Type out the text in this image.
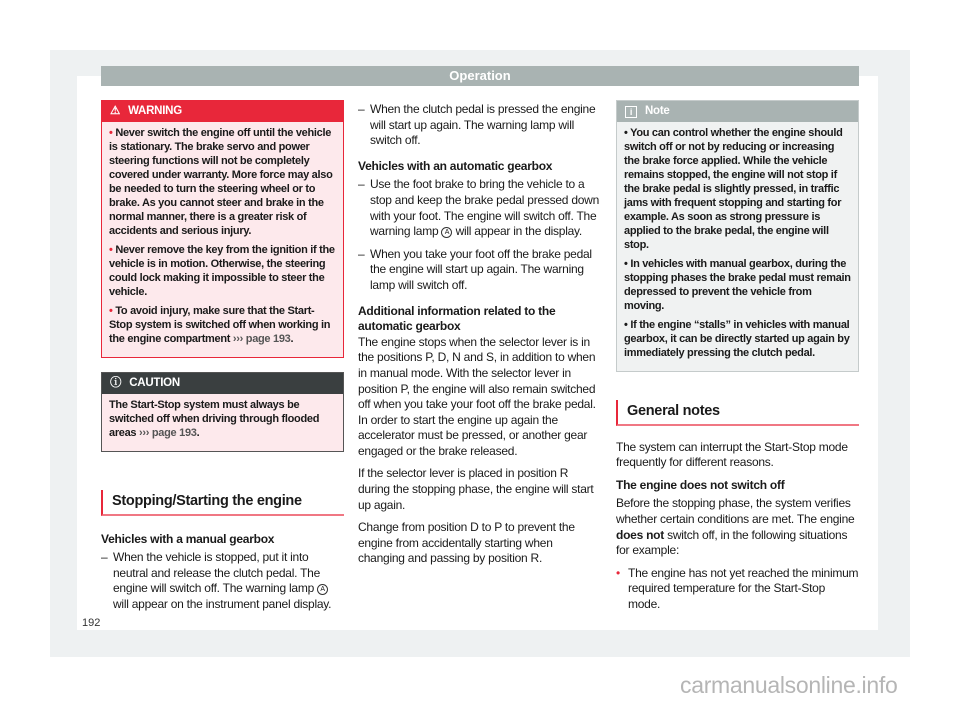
Operation
⚠ WARNING

• Never switch the engine off until the vehicle is stationary. The brake servo and power steering functions will not be completely covered under warranty. More force may also be needed to turn the steering wheel or to brake. As you cannot steer and brake in the normal manner, there is a greater risk of accidents and serious injury.

• Never remove the key from the ignition if the vehicle is in motion. Otherwise, the steering could lock making it impossible to steer the vehicle.

• To avoid injury, make sure that the Start-Stop system is switched off when working in the engine compartment ››› page 193.

ⓘ CAUTION

The Start-Stop system must always be switched off when driving through flooded areas ››› page 193.

Stopping/Starting the engine
Vehicles with a manual gearbox
– When the vehicle is stopped, put it into neutral and release the clutch pedal. The engine will switch off. The warning lamp A will appear on the instrument panel display.
– When the clutch pedal is pressed the engine will start up again. The warning lamp will switch off.
Vehicles with an automatic gearbox
– Use the foot brake to bring the vehicle to a stop and keep the brake pedal pressed down with your foot. The engine will switch off. The warning lamp A will appear in the display.
– When you take your foot off the brake pedal the engine will start up again. The warning lamp will switch off.
Additional information related to the automatic gearbox

The engine stops when the selector lever is in the positions P, D, N and S, in addition to when in manual mode. With the selector lever in position P, the engine will also remain switched off when you take your foot off the brake pedal. In order to start the engine up again the accelerator must be pressed, or another gear engaged or the brake released.

If the selector lever is placed in position R during the stopping phase, the engine will start up again.

Change from position D to P to prevent the engine from accidentally starting when changing and passing by position R.

i	Note

• You can control whether the engine should switch off or not by reducing or increasing the brake force applied. While the vehicle remains stopped, the engine will not stop if the brake pedal is slightly pressed, in traffic jams with frequent stopping and starting for example. As soon as strong pressure is applied to the brake pedal, the engine will stop.

• In vehicles with manual gearbox, during the stopping phases the brake pedal must remain depressed to prevent the vehicle from moving.

• If the engine “stalls” in vehicles with manual gearbox, it can be directly started up again by immediately pressing the clutch pedal.

General notes

The system can interrupt the Start-Stop mode frequently for different reasons.

The engine does not switch off

Before the stopping phase, the system verifies whether certain conditions are met. The engine does not switch off, in the following situations for example:

• The engine has not yet reached the minimum required temperature for the Start-Stop mode.
192
carmanualsonline.info
